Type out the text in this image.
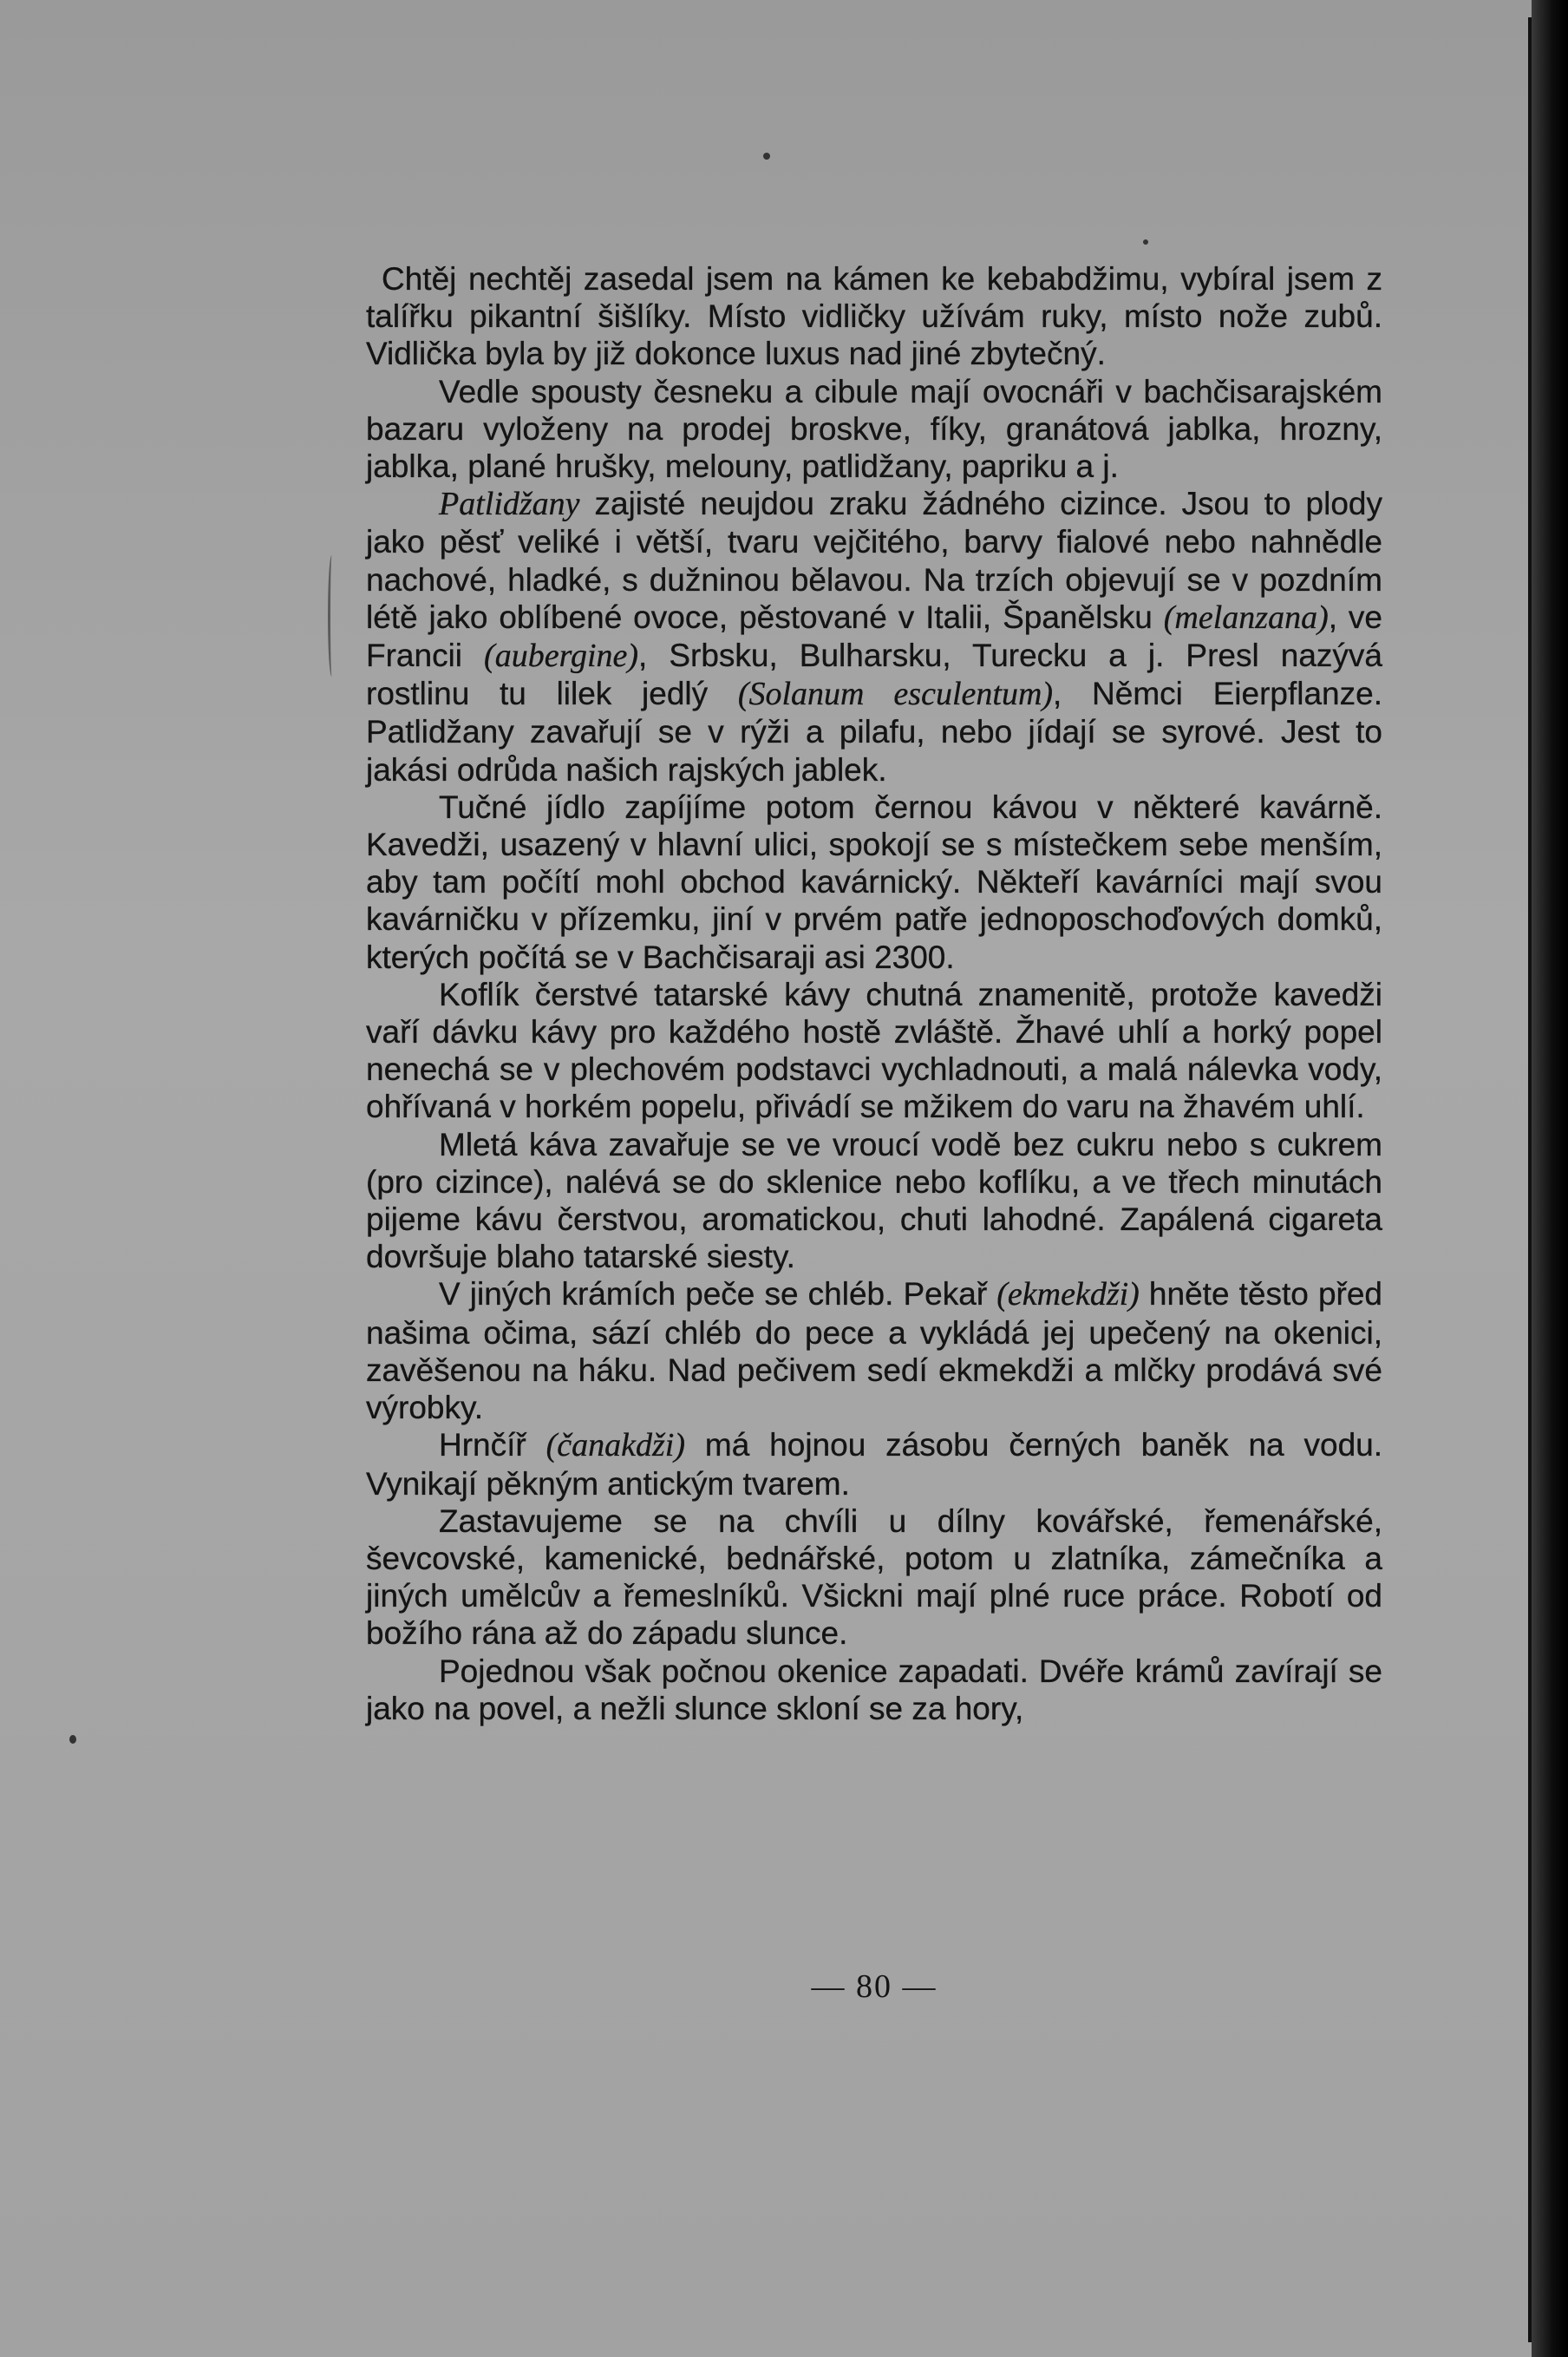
Chtěj nechtěj zasedal jsem na kámen ke kebabdžimu, vybíral jsem z talířku pikantní šišlíky. Místo vidličky užívám ruky, místo nože zubů. Vidlička byla by již dokonce luxus nad jiné zbytečný.

Vedle spousty česneku a cibule mají ovocnáři v bachčisarajském bazaru vyloženy na prodej broskve, fíky, granátová jablka, hrozny, jablka, plané hrušky, melouny, patlidžany, papriku a j.

Patlidžany zajisté neujdou zraku žádného cizince. Jsou to plody jako pěsť veliké i větší, tvaru vejčitého, barvy fialové nebo nahnědle nachové, hladké, s dužninou bělavou. Na trzích objevují se v pozdním létě jako oblíbené ovoce, pěstované v Italii, Španělsku (melanzana), ve Francii (aubergine), Srbsku, Bulharsku, Turecku a j. Presl nazývá rostlinu tu lilek jedlý (Solanum esculentum), Němci Eierpflanze. Patlidžany zavařují se v rýži a pilafu, nebo jídají se syrové. Jest to jakási odrůda našich rajských jablek.

Tučné jídlo zapíjíme potom černou kávou v některé kavárně. Kavedži, usazený v hlavní ulici, spokojí se s místečkem sebe menším, aby tam počítí mohl obchod kavárnický. Někteří kavárníci mají svou kavárničku v přízemku, jiní v prvém patře jednoposchoďových domků, kterých počítá se v Bachčisaraji asi 2300.

Koflík čerstvé tatarské kávy chutná znamenitě, protože kavedži vaří dávku kávy pro každého hostě zvláště. Žhavé uhlí a horký popel nenechá se v plechovém podstavci vychladnouti, a malá nálevka vody, ohřívaná v horkém popelu, přivádí se mžikem do varu na žhavém uhlí.

Mletá káva zavařuje se ve vroucí vodě bez cukru nebo s cukrem (pro cizince), nalévá se do sklenice nebo koflíku, a ve třech minutách pijeme kávu čerstvou, aromatickou, chuti lahodné. Zapálená cigareta dovršuje blaho tatarské siesty.

V jiných krámích peče se chléb. Pekař (ekmekdži) hněte těsto před našima očima, sází chléb do pece a vykládá jej upečený na okenici, zavěšenou na háku. Nad pečivem sedí ekmekdži a mlčky prodává své výrobky.

Hrnčíř (čanakdži) má hojnou zásobu černých baněk na vodu. Vynikají pěkným antickým tvarem.

Zastavujeme se na chvíli u dílny kovářské, řemenářské, ševcovské, kamenické, bednářské, potom u zlatníka, zámečníka a jiných umělcův a řemeslníků. Všickni mají plné ruce práce. Robotí od božího rána až do západu slunce.

Pojednou však počnou okenice zapadati. Dvéře krámů zavírají se jako na povel, a nežli slunce skloní se za hory,

— 80 —
